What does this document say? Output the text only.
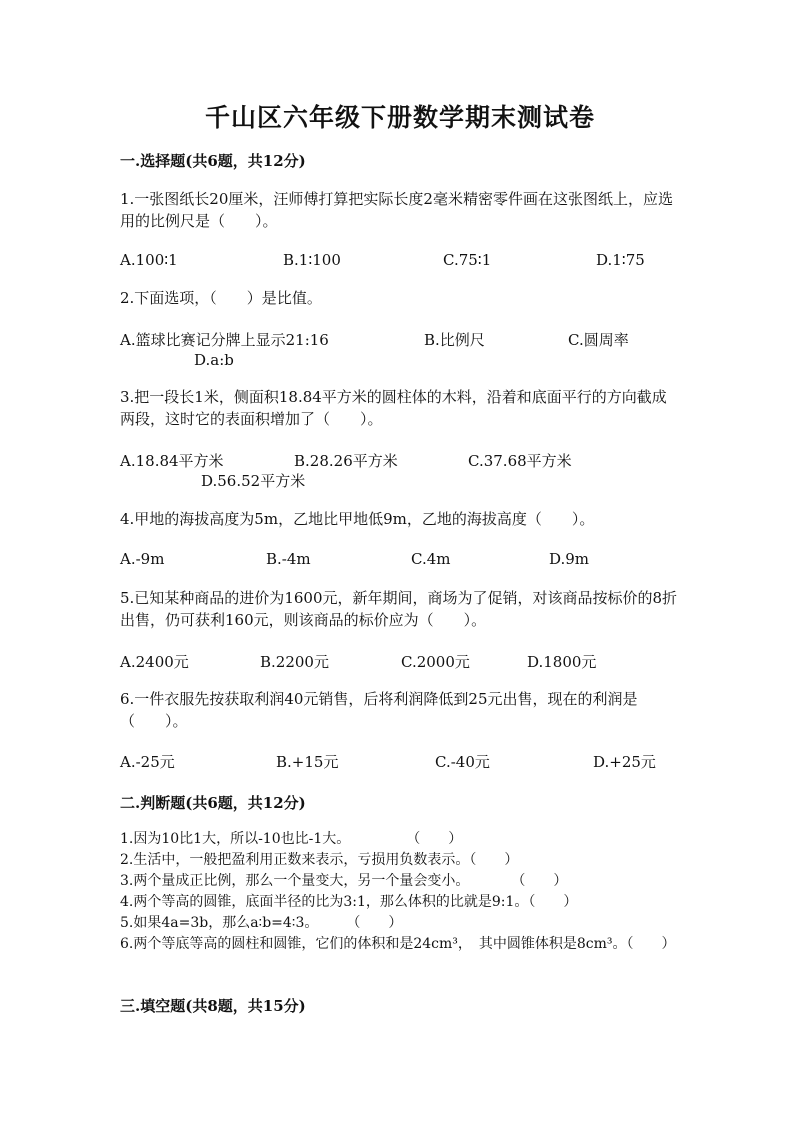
千山区六年级下册数学期末测试卷
一.选择题(共6题，共12分)
1.一张图纸长20厘米，汪师傅打算把实际长度2毫米精密零件画在这张图纸上，应选用的比例尺是（　　）。
A.100∶1	B.1∶100	C.75∶1	D.1∶75
2.下面选项，（　　）是比值。
A.篮球比赛记分牌上显示21:16	B.比例尺	C.圆周率
D.a:b
3.把一段长1米，侧面积18.84平方米的圆柱体的木料，沿着和底面平行的方向截成两段，这时它的表面积增加了（　　）。
A.18.84平方米	B.28.26平方米	C.37.68平方米
D.56.52平方米
4.甲地的海拔高度为5m，乙地比甲地低9m，乙地的海拔高度（　　）。
A.-9m	B.-4m	C.4m	D.9m
5.已知某种商品的进价为1600元，新年期间，商场为了促销，对该商品按标价的8折出售，仍可获利160元，则该商品的标价应为（　　）。
A.2400元	B.2200元	C.2000元	D.1800元
6.一件衣服先按获取利润40元销售，后将利润降低到25元出售，现在的利润是（　　）。
A.-25元	B.+15元	C.-40元	D.+25元
二.判断题(共6题，共12分)
1.因为10比1大，所以-10也比-1大。　　　　　（　　）
2.生活中，一般把盈利用正数来表示，亏损用负数表示。（　　）
3.两个量成正比例，那么一个量变大，另一个量会变小。　　　　（　　）
4.两个等高的圆锥，底面半径的比为3:1，那么体积的比就是9:1。（　　）
5.如果4a=3b，那么a∶b=4∶3。　　　（　　）
6.两个等底等高的圆柱和圆锥，它们的体积和是24cm³，　其中圆锥体积是8cm³。（　　）
三.填空题(共8题，共15分)
